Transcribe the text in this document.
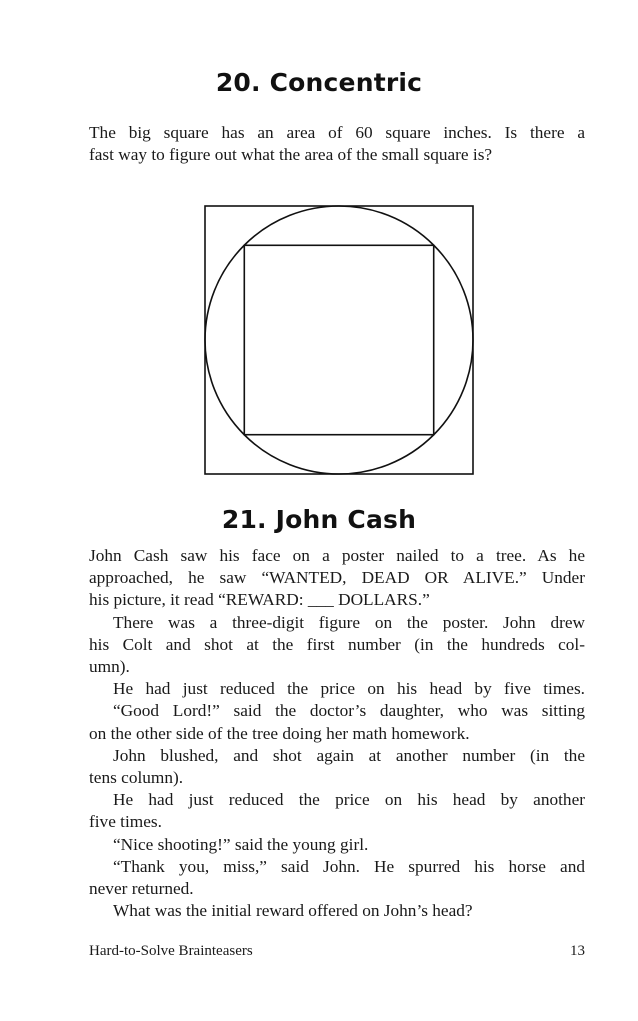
20. Concentric
The big square has an area of 60 square inches. Is there a
fast way to figure out what the area of the small square is?
21. John Cash
John Cash saw his face on a poster nailed to a tree. As he
approached, he saw “WANTED, DEAD OR ALIVE.” Under
his picture, it read “REWARD: ___ DOLLARS.”
There was a three-digit figure on the poster. John drew
his Colt and shot at the first number (in the hundreds col-
umn).
He had just reduced the price on his head by five times.
“Good Lord!” said the doctor’s daughter, who was sitting
on the other side of the tree doing her math homework.
John blushed, and shot again at another number (in the
tens column).
He had just reduced the price on his head by another
five times.
“Nice shooting!” said the young girl.
“Thank you, miss,” said John. He spurred his horse and
never returned.
What was the initial reward offered on John’s head?
Hard-to-Solve Brainteasers	13
